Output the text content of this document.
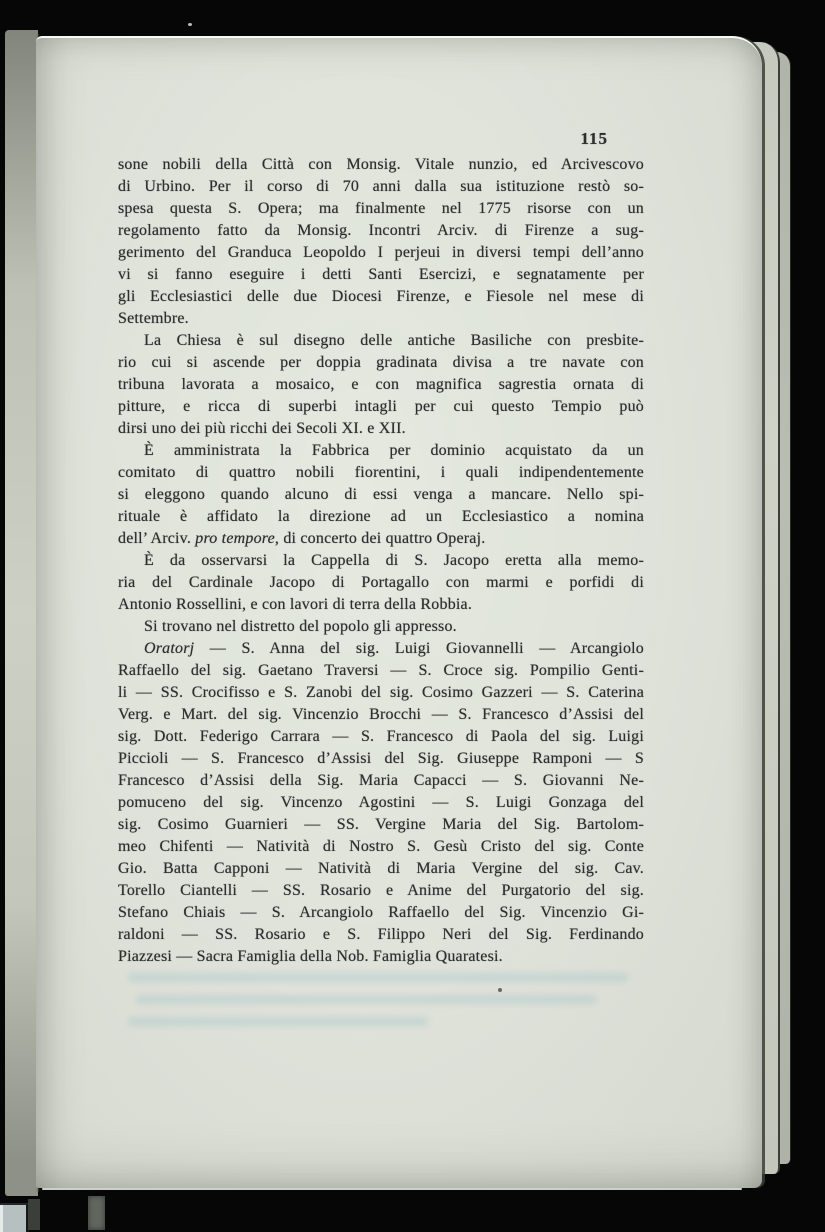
115
sone nobili della Città con Monsig. Vitale nunzio, ed Arcivescovo
di Urbino. Per il corso di 70 anni dalla sua istituzione restò so-
spesa questa S. Opera; ma finalmente nel 1775 risorse con un
regolamento fatto da Monsig. Incontri Arciv. di Firenze a sug-
gerimento del Granduca Leopoldo I perjeui in diversi tempi dell’anno
vi si fanno eseguire i detti Santi Esercizi, e segnatamente per
gli Ecclesiastici delle due Diocesi Firenze, e Fiesole nel mese di
Settembre.
La Chiesa è sul disegno delle antiche Basiliche con presbite-
rio cui si ascende per doppia gradinata divisa a tre navate con
tribuna lavorata a mosaico, e con magnifica sagrestia ornata di
pitture, e ricca di superbi intagli per cui questo Tempio può
dirsi uno dei più ricchi dei Secoli XI. e XII.
È amministrata la Fabbrica per dominio acquistato da un
comitato di quattro nobili fiorentini, i quali indipendentemente
si eleggono quando alcuno di essi venga a mancare. Nello spi-
rituale è affidato la direzione ad un Ecclesiastico a nomina
dell’ Arciv. pro tempore, di concerto dei quattro Operaj.
È da osservarsi la Cappella di S. Jacopo eretta alla memo-
ria del Cardinale Jacopo di Portagallo con marmi e porfidi di
Antonio Rossellini, e con lavori di terra della Robbia.
Si trovano nel distretto del popolo gli appresso.
Oratorj — S. Anna del sig. Luigi Giovannelli — Arcangiolo
Raffaello del sig. Gaetano Traversi — S. Croce sig. Pompilio Genti-
li — SS. Crocifisso e S. Zanobi del sig. Cosimo Gazzeri — S. Caterina
Verg. e Mart. del sig. Vincenzio Brocchi — S. Francesco d’Assisi del
sig. Dott. Federigo Carrara — S. Francesco di Paola del sig. Luigi
Piccioli — S. Francesco d’Assisi del Sig. Giuseppe Ramponi — S
Francesco d’Assisi della Sig. Maria Capacci — S. Giovanni Ne-
pomuceno del sig. Vincenzo Agostini — S. Luigi Gonzaga del
sig. Cosimo Guarnieri — SS. Vergine Maria del Sig. Bartolom-
meo Chifenti — Natività di Nostro S. Gesù Cristo del sig. Conte
Gio. Batta Capponi — Natività di Maria Vergine del sig. Cav.
Torello Ciantelli — SS. Rosario e Anime del Purgatorio del sig.
Stefano Chiais — S. Arcangiolo Raffaello del Sig. Vincenzio Gi-
raldoni — SS. Rosario e S. Filippo Neri del Sig. Ferdinando
Piazzesi — Sacra Famiglia della Nob. Famiglia Quaratesi.
